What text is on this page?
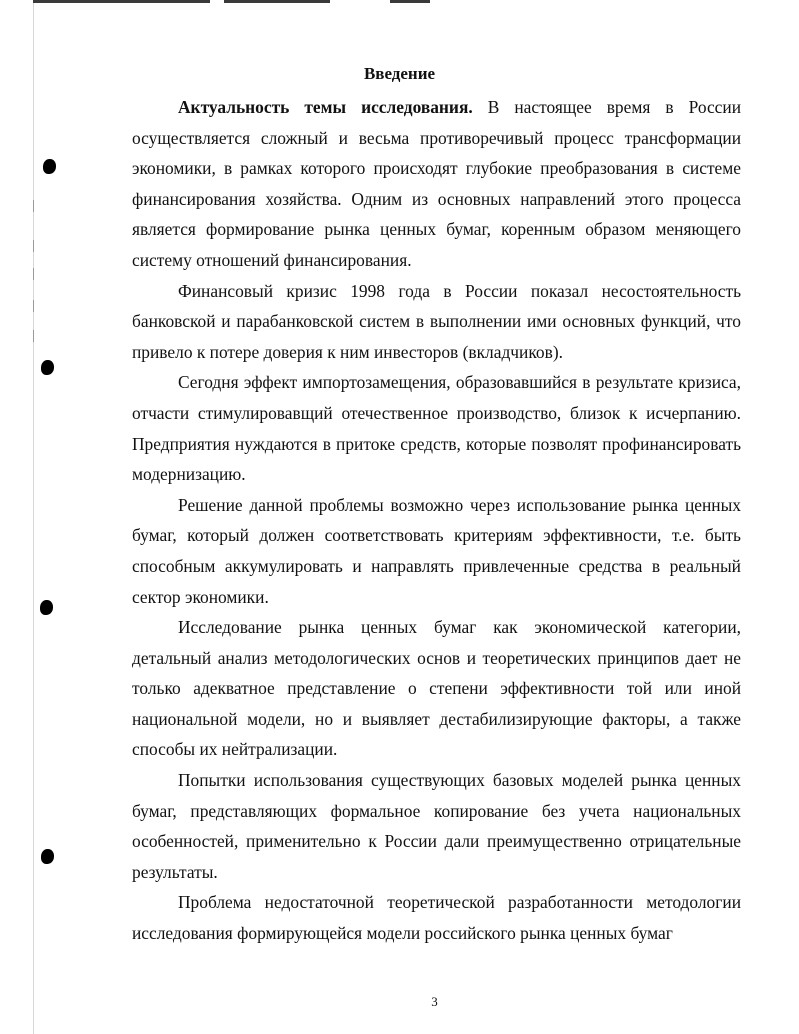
Введение

Актуальность темы исследования. В настоящее время в России осуществляется сложный и весьма противоречивый процесс трансформации экономики, в рамках которого происходят глубокие преобразования в системе финансирования хозяйства. Одним из основных направлений этого процесса является формирование рынка ценных бумаг, коренным образом меняющего систему отношений финансирования.

Финансовый кризис 1998 года в России показал несостоятельность банковской и парабанковской систем в выполнении ими основных функций, что привело к потере доверия к ним инвесторов (вкладчиков).

Сегодня эффект импортозамещения, образовавшийся в результате кризиса, отчасти стимулировавщий отечественное производство, близок к исчерпанию. Предприятия нуждаются в притоке средств, которые позволят профинансировать модернизацию.

Решение данной проблемы возможно через использование рынка ценных бумаг, который должен соответствовать критериям эффективности, т.е. быть способным аккумулировать и направлять привлеченные средства в реальный сектор экономики.

Исследование рынка ценных бумаг как экономической категории, детальный анализ методологических основ и теоретических принципов дает не только адекватное представление о степени эффективности той или иной национальной модели, но и выявляет дестабилизирующие факторы, а также способы их нейтрализации.

Попытки использования существующих базовых моделей рынка ценных бумаг, представляющих формальное копирование без учета национальных особенностей, применительно к России дали преимущественно отрицательные результаты.

Проблема недостаточной теоретической разработанности методологии исследования формирующейся модели российского рынка ценных бумаг

3
